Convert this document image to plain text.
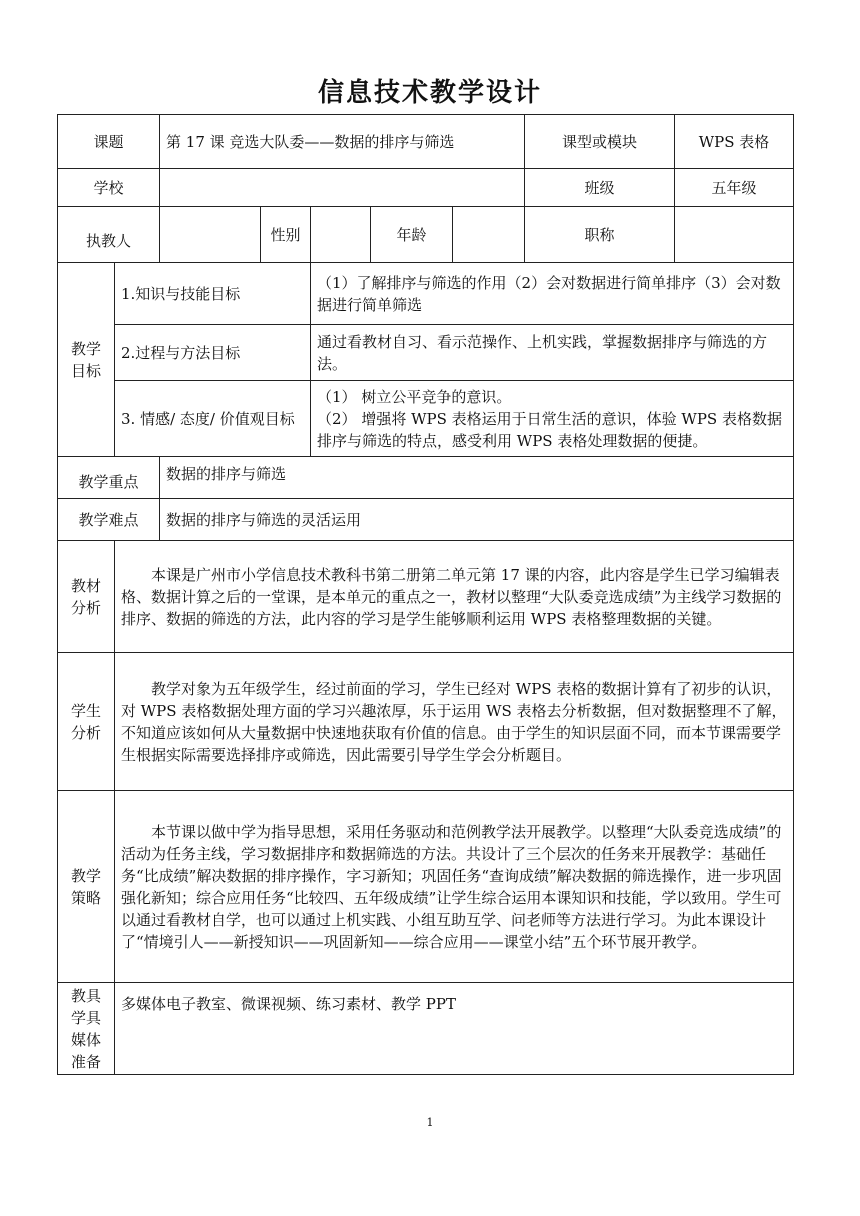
信息技术教学设计
课题		第 17 课 竞选大队委——数据的排序与筛选					课型或模块	WPS 表格
学校							班级	五年级
执教人			性别		年龄		职称	
教学目标	1.知识与技能目标			（1）了解排序与筛选的作用（2）会对数据进行简单排序（3）会对数据进行简单筛选				
	2.过程与方法目标			通过看教材自习、看示范操作、上机实践，掌握数据排序与筛选的方法。				
	3. 情感/ 态度/ 价值观目标			（1） 树立公平竞争的意识。
（2） 增强将 WPS 表格运用于日常生活的意识，体验 WPS 表格数据排序与筛选的特点，感受利用 WPS 表格处理数据的便捷。				

教学重点		数据的排序与筛选						
教学难点		数据的排序与筛选的灵活运用						
教材分析	本课是广州市小学信息技术教科书第二册第二单元第 17 课的内容，此内容是学生已学习编辑表格、数据计算之后的一堂课，是本单元的重点之一，教材以整理“大队委竞选成绩”为主线学习数据的排序、数据的筛选的方法，此内容的学习是学生能够顺利运用 WPS 表格整理数据的关键。							
学生分析	教学对象为五年级学生，经过前面的学习，学生已经对 WPS 表格的数据计算有了初步的认识，对 WPS 表格数据处理方面的学习兴趣浓厚，乐于运用 WS 表格去分析数据，但对数据整理不了解，不知道应该如何从大量数据中快速地获取有价值的信息。由于学生的知识层面不同，而本节课需要学生根据实际需要选择排序或筛选，因此需要引导学生学会分析题目。							
教学策略	本节课以做中学为指导思想，采用任务驱动和范例教学法开展教学。以整理“大队委竞选成绩”的活动为任务主线，学习数据排序和数据筛选的方法。共设计了三个层次的任务来开展教学：基础任务“比成绩”解决数据的排序操作，字习新知；巩固任务“查询成绩”解决数据的筛选操作，进一步巩固强化新知；综合应用任务“比较四、五年级成绩”让学生综合运用本课知识和技能，学以致用。学生可以通过看教材自学，也可以通过上机实践、小组互助互学、问老师等方法进行学习。为此本课设计了“情境引人——新授知识——巩固新知——综合应用——课堂小结”五个环节展开教学。							
教具学具媒体准备	多媒体电子教室、微课视频、练习素材、教学 PPT							
1
